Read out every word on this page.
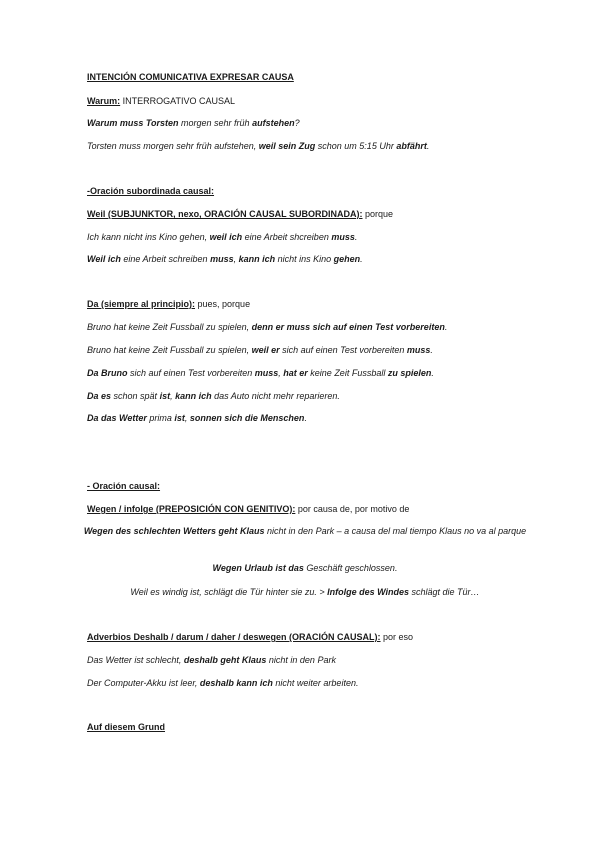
INTENCIÓN COMUNICATIVA EXPRESAR CAUSA
Warum: INTERROGATIVO CAUSAL
Warum muss Torsten morgen sehr früh aufstehen?
Torsten muss morgen sehr früh aufstehen, weil sein Zug schon um 5:15 Uhr abfährt.
-Oración subordinada causal:
Weil (SUBJUNKTOR, nexo, ORACIÓN CAUSAL SUBORDINADA): porque
Ich kann nicht ins Kino gehen, weil ich eine Arbeit shcreiben muss.
Weil ich eine Arbeit schreiben muss, kann ich nicht ins Kino gehen.
Da (siempre al principio): pues, porque
Bruno hat keine Zeit Fussball zu spielen, denn er muss sich auf einen Test vorbereiten.
Bruno hat keine Zeit Fussball zu spielen, weil er sich auf einen Test vorbereiten muss.
Da Bruno sich auf einen Test vorbereiten muss, hat er keine Zeit Fussball zu spielen.
Da es schon spät ist, kann ich das Auto nicht mehr reparieren.
Da das Wetter prima ist, sonnen sich die Menschen.
- Oración causal:
Wegen / infolge (PREPOSICIÓN CON GENITIVO): por causa de, por motivo de
Wegen des schlechten Wetters geht Klaus nicht in den Park – a causa del mal tiempo Klaus no va al parque
Wegen Urlaub ist das Geschäft geschlossen.
Weil es windig ist, schlägt die Tür hinter sie zu. > Infolge des Windes schlägt die Tür…
Adverbios Deshalb / darum / daher / deswegen (ORACIÓN CAUSAL): por eso
Das Wetter ist schlecht, deshalb geht Klaus nicht in den Park
Der Computer-Akku ist leer, deshalb kann ich nicht weiter arbeiten.
Auf diesem Grund
